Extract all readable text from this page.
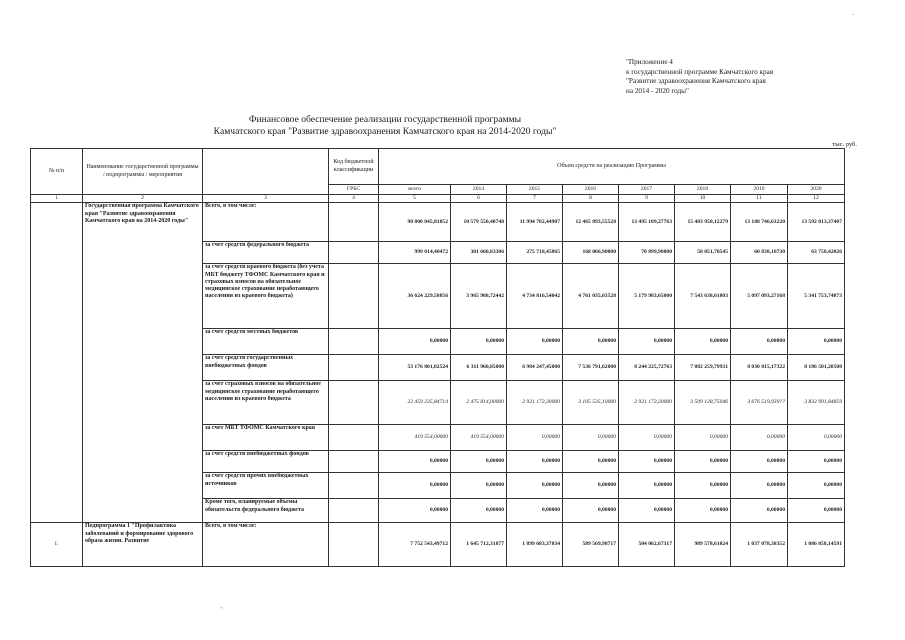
"Приложение 4
к государственной программе Камчатского края
"Развитие здравоохранения Камчатского края
на 2014 - 2020 годы"
Финансовое обеспечение реализации государственной программы
Камчатского края "Развитие здравоохранения Камчатского края на 2014-2020 годы"
тыс. руб.
-
~
№ п/п	Наименование государственной программы / подпрограммы / мероприятия		Код бюджетной классификации	Объем средств на реализацию Программы							
			ГРБС	всего	2014	2015	2016	2017	2018	2019	2020
1	2	3	4	5	6	7	8	9	10	11	12
	Государственная программа Камчатского края "Развитие здравоохранения Камчатского края на 2014-2020 годы"	Всего, в том числе:		90 800 045,81852	10 579 550,40748	11 994 782,44907	12 465 893,55528	13 495 109,27763	15 483 950,12279	13 188 746,63220	13 592 013,37407
		за счет средств федерального бюджета		999 014,40472	301 660,83306	275 718,45865	168 066,90000	70 899,90000	58 051,70545	60 838,18730	63 758,42026
		за счет средств краевого бюджета (без учета МБТ бюджету ТФОМС Камчатского края и страховых взносов на обязательное медицинское страхование неработающего населения из краевого бюджета)		36 624 229,58856	3 965 988,72442	4 734 816,54042	4 761 035,03528	5 179 983,65000	7 543 638,61803	5 097 093,27168	5 341 753,74873
		за счет средств местных бюджетов		0,00000	0,00000	0,00000	0,00000	0,00000	0,00000	0,00000	0,00000
		за счет средств государственных внебюджетных фондов		53 176 801,82524	6 311 960,85000	6 984 247,45000	7 536 791,62000	8 244 225,72763	7 882 259,79931	8 030 815,17322	8 186 501,20508
		за счет страховых взносов на обязательное медицинское страхование неработающего населения из краевого бюджета		22 459 235,84714	2 475 814,00000	2 921 173,30000	3 105 535,10000	2 921 173,20000	3 509 128,75046	3 676 519,939??	3 832 991,84859
		за счет МБТ ТФОМС Камчатского края		419 554,00000	419 554,00000	0,00000	0,00000	0,00000	0,00000	0,00000	0,00000
		за счет средств внебюджетных фондов		0,00000	0,00000	0,00000	0,00000	0,00000	0,00000	0,00000	0,00000
		за счет средств прочих внебюджетных источников		0,00000	0,00000	0,00000	0,00000	0,00000	0,00000	0,00000	0,00000
		Кроме того, планируемые объемы обязательств федерального бюджета		0,00000	0,00000	0,00000	0,00000	0,00000	0,00000	0,00000	0,00000
1.	Подпрограмма 1 "Профилактика заболеваний и формирование здорового образа жизни. Развитие	Всего, в том числе:		7 752 543,49712	1 645 712,31877	1 899 683,37834	589 569,98717	504 062,67317	989 578,61024	1 037 078,38352	1 086 858,14591
